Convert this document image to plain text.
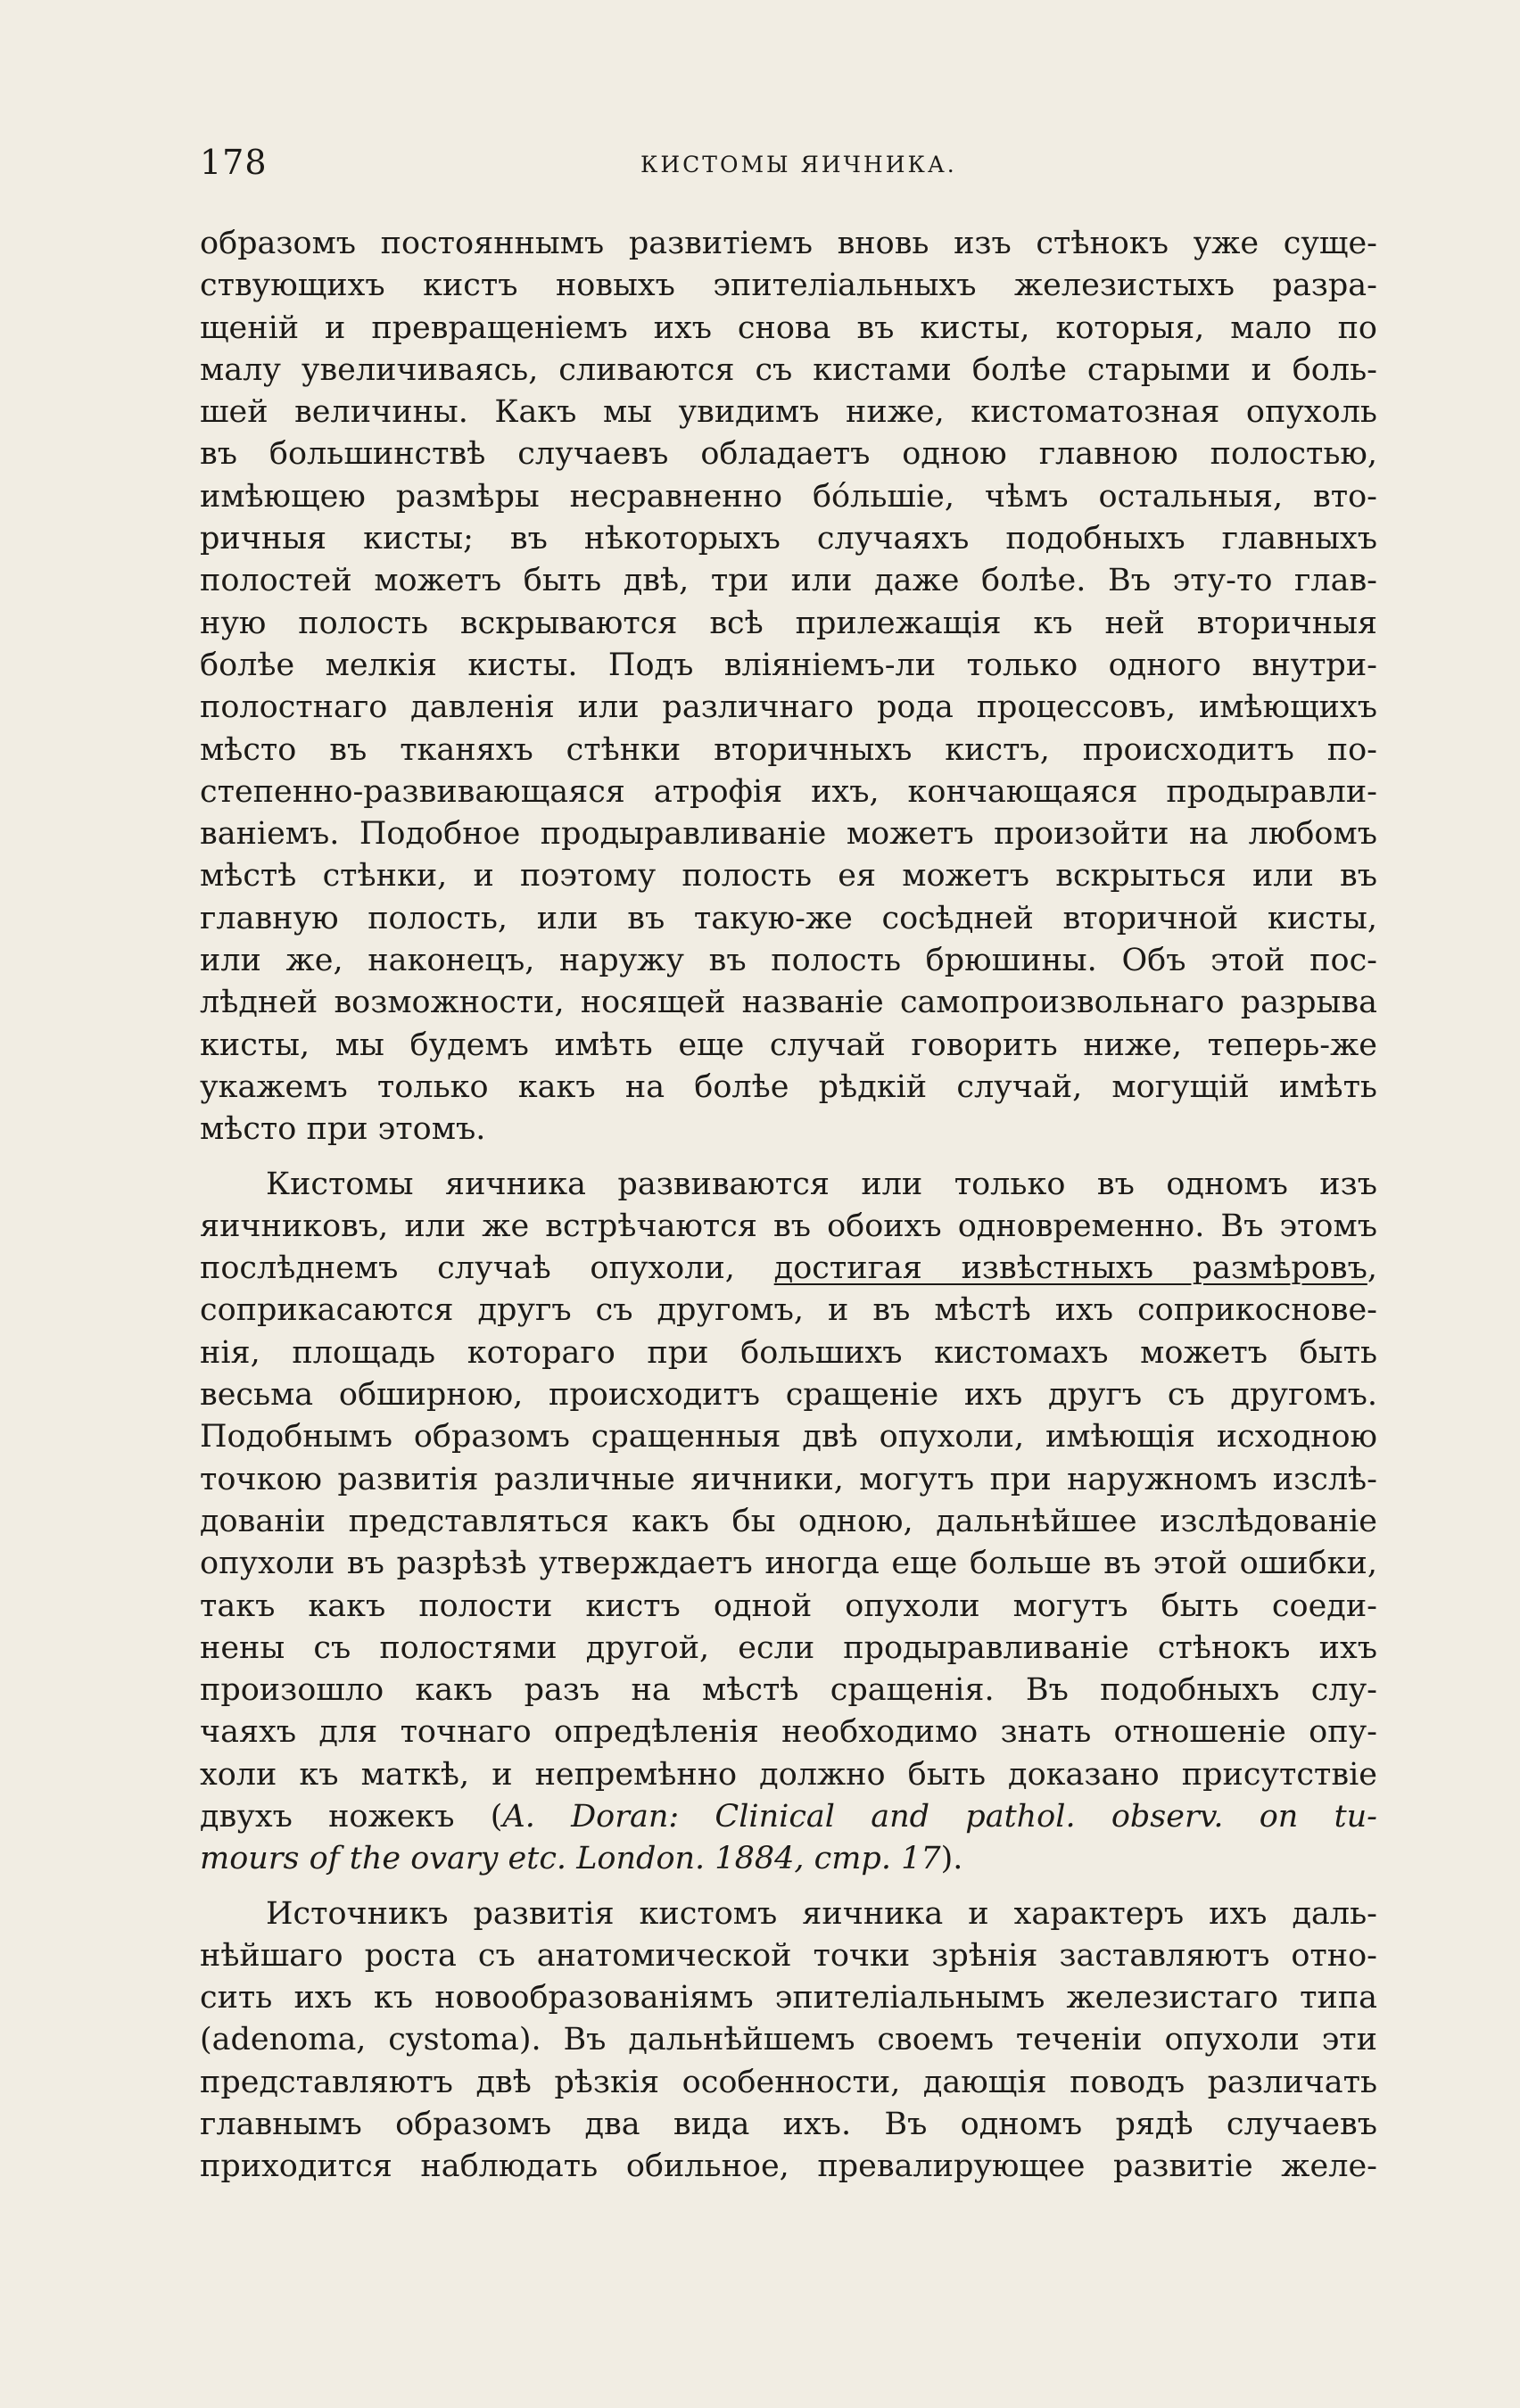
178	КИСТОМЫ ЯИЧНИКА.
образомъ постояннымъ развитіемъ вновь изъ стѣнокъ уже суще-
ствующихъ кистъ новыхъ эпителіальныхъ железистыхъ разра-
щеній и превращеніемъ ихъ снова въ кисты, которыя, мало по
малу увеличиваясь, сливаются съ кистами болѣе старыми и боль-
шей величины. Какъ мы увидимъ ниже, кистоматозная опухоль
въ большинствѣ случаевъ обладаетъ одною главною полостью,
имѣющею размѣры несравненно бо́льшіе, чѣмъ остальныя, вто-
ричныя кисты; въ нѣкоторыхъ случаяхъ подобныхъ главныхъ
полостей можетъ быть двѣ, три или даже болѣе. Въ эту-то глав-
ную полость вскрываются всѣ прилежащія къ ней вторичныя
болѣе мелкія кисты. Подъ вліяніемъ-ли только одного внутри-
полостнаго давленія или различнаго рода процессовъ, имѣющихъ
мѣсто въ тканяхъ стѣнки вторичныхъ кистъ, происходитъ по-
степенно-развивающаяся атрофія ихъ, кончающаяся продыравли-
ваніемъ. Подобное продыравливаніе можетъ произойти на любомъ
мѣстѣ стѣнки, и поэтому полость ея можетъ вскрыться или въ
главную полость, или въ такую-же сосѣдней вторичной кисты,
или же, наконецъ, наружу въ полость брюшины. Объ этой пос-
лѣдней возможности, носящей названіе самопроизвольнаго разрыва
кисты, мы будемъ имѣть еще случай говорить ниже, теперь-же
укажемъ только какъ на болѣе рѣдкій случай, могущій имѣть
мѣсто при этомъ.
Кистомы яичника развиваются или только въ одномъ изъ
яичниковъ, или же встрѣчаются въ обоихъ одновременно. Въ этомъ
послѣднемъ случаѣ опухоли, достигая извѣстныхъ размѣровъ,
соприкасаются другъ съ другомъ, и въ мѣстѣ ихъ соприкоснове-
нія, площадь котораго при большихъ кистомахъ можетъ быть
весьма обширною, происходитъ сращеніе ихъ другъ съ другомъ.
Подобнымъ образомъ сращенныя двѣ опухоли, имѣющія исходною
точкою развитія различные яичники, могутъ при наружномъ изслѣ-
дованіи представляться какъ бы одною, дальнѣйшее изслѣдованіе
опухоли въ разрѣзѣ утверждаетъ иногда еще больше въ этой ошибки,
такъ какъ полости кистъ одной опухоли могутъ быть соеди-
нены съ полостями другой, если продыравливаніе стѣнокъ ихъ
произошло какъ разъ на мѣстѣ сращенія. Въ подобныхъ слу-
чаяхъ для точнаго опредѣленія необходимо знать отношеніе опу-
холи къ маткѣ, и непремѣнно должно быть доказано присутствіе
двухъ ножекъ (A. Doran: Clinical and pathol. observ. on tu-
mours of the ovary etc. London. 1884, стр. 17).
Источникъ развитія кистомъ яичника и характеръ ихъ даль-
нѣйшаго роста съ анатомической точки зрѣнія заставляютъ отно-
сить ихъ къ новообразованіямъ эпителіальнымъ железистаго типа
(adenoma, cystoma). Въ дальнѣйшемъ своемъ теченіи опухоли эти
представляютъ двѣ рѣзкія особенности, дающія поводъ различать
главнымъ образомъ два вида ихъ. Въ одномъ рядѣ случаевъ
приходится наблюдать обильное, превалирующее развитіе желе-
